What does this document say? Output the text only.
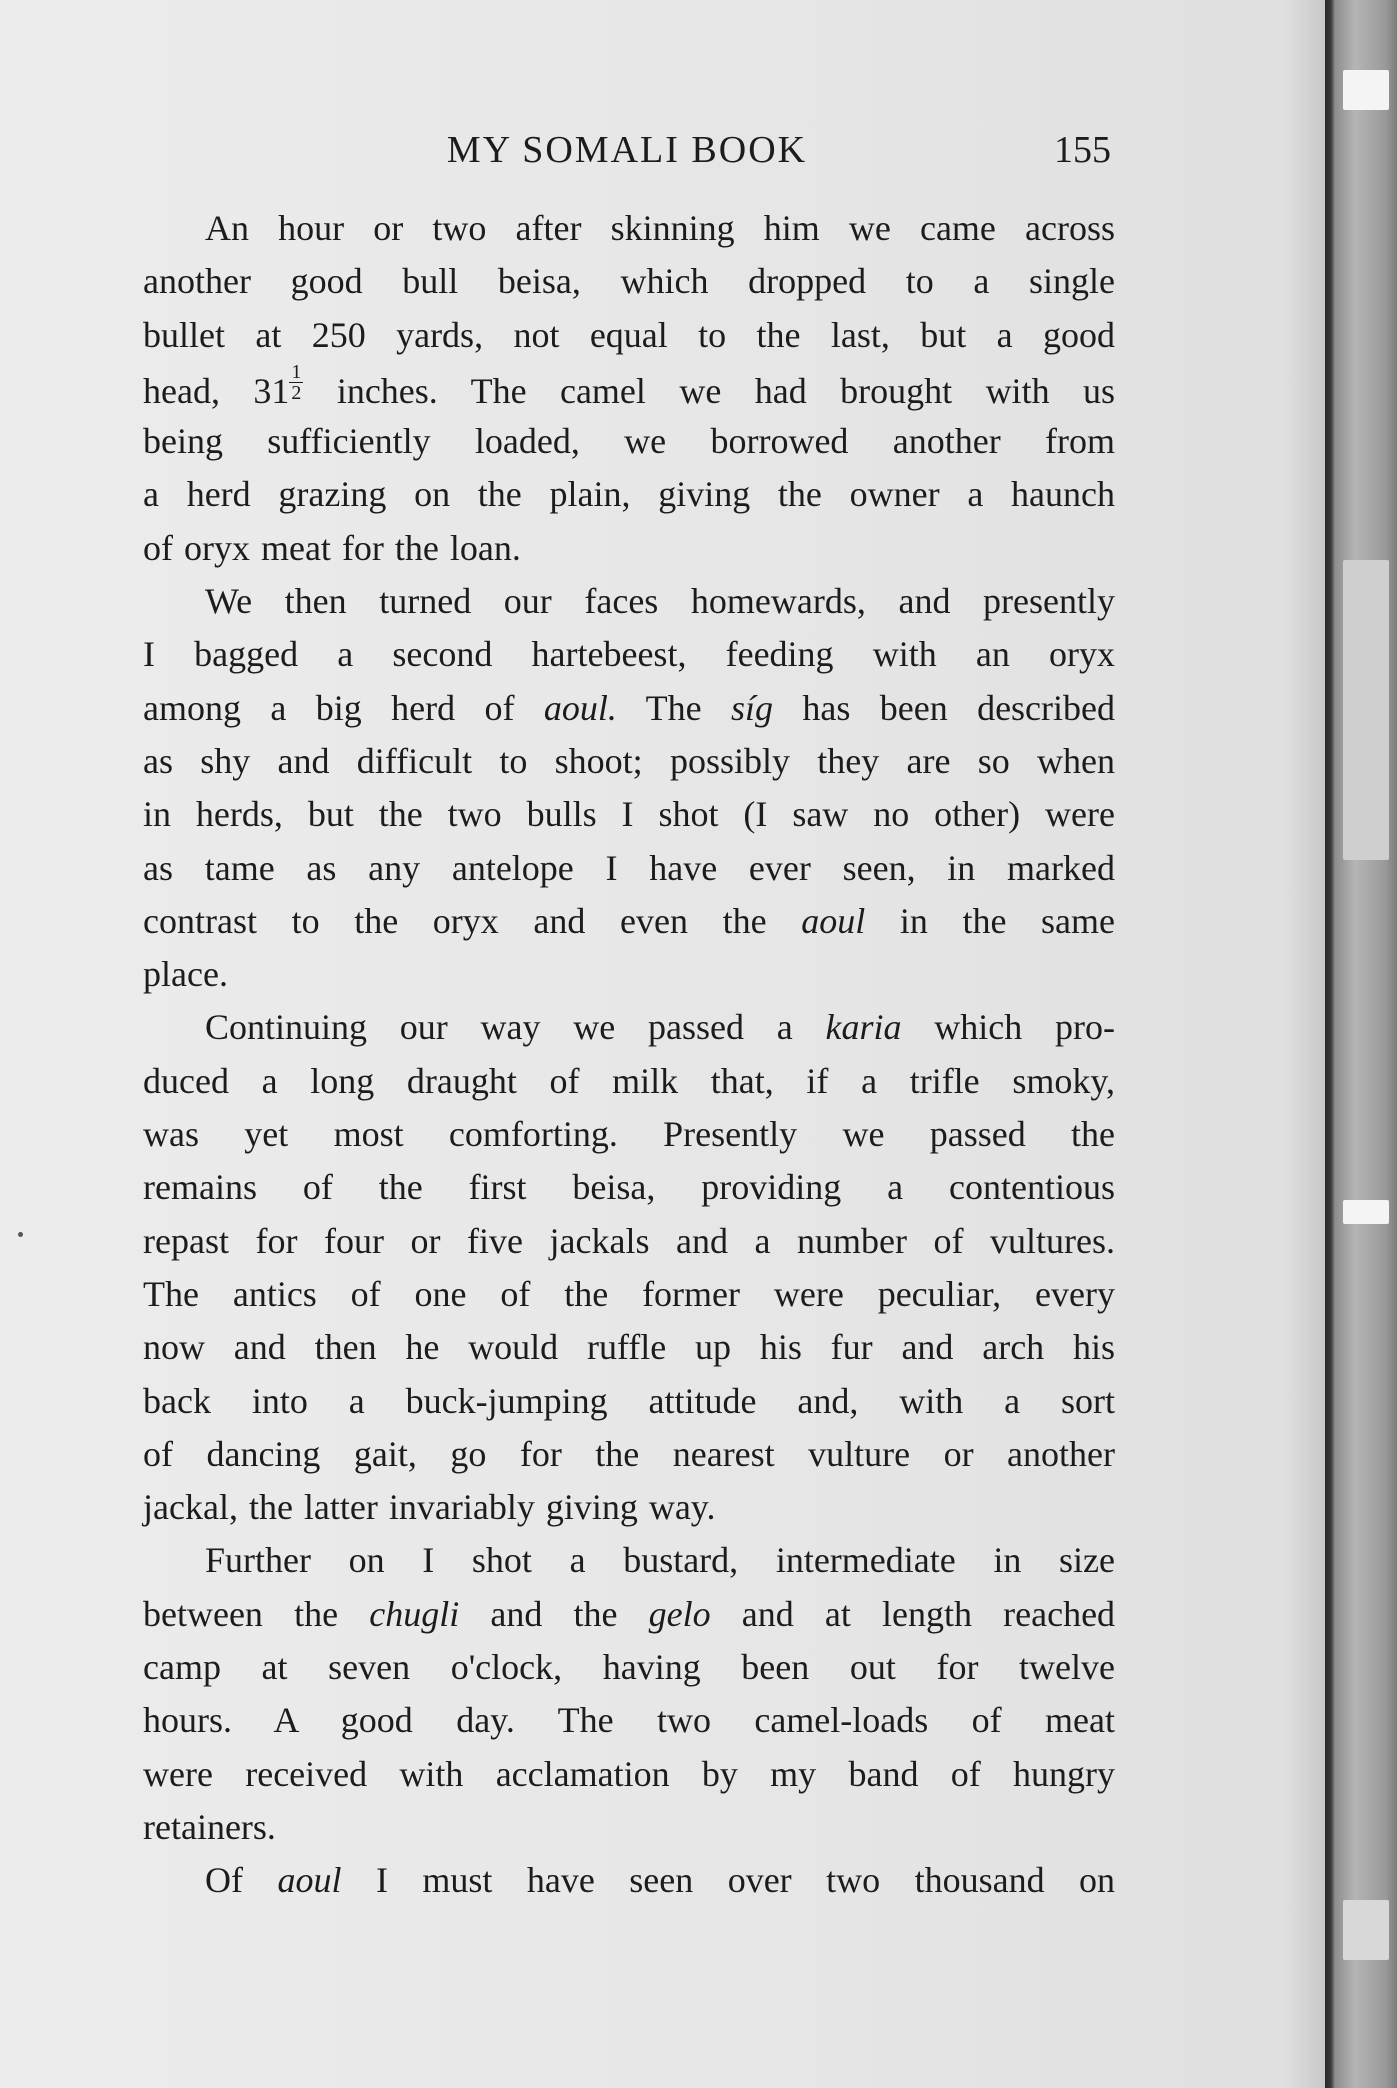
MY SOMALI BOOK	155
An hour or two after skinning him we came across
another good bull beisa, which dropped to a single
bullet at 250 yards, not equal to the last, but a good
head, $31 \frac{1}{2}$ inches. The camel we had brought with us
being sufficiently loaded, we borrowed another from
a herd grazing on the plain, giving the owner a haunch
of oryx meat for the loan.
We then turned our faces homewards, and presently
I bagged a second hartebeest, feeding with an oryx
among a big herd of aoul. The síg has been described
as shy and difficult to shoot; possibly they are so when
in herds, but the two bulls I shot (I saw no other) were
as tame as any antelope I have ever seen, in marked
contrast to the oryx and even the aoul in the same
place.
Continuing our way we passed a karia which pro-
duced a long draught of milk that, if a trifle smoky,
was yet most comforting. Presently we passed the
remains of the first beisa, providing a contentious
repast for four or five jackals and a number of vultures.
The antics of one of the former were peculiar, every
now and then he would ruffle up his fur and arch his
back into a buck-jumping attitude and, with a sort
of dancing gait, go for the nearest vulture or another
jackal, the latter invariably giving way.
Further on I shot a bustard, intermediate in size
between the chugli and the gelo and at length reached
camp at seven o'clock, having been out for twelve
hours. A good day. The two camel-loads of meat
were received with acclamation by my band of hungry
retainers.
Of aoul I must have seen over two thousand on
